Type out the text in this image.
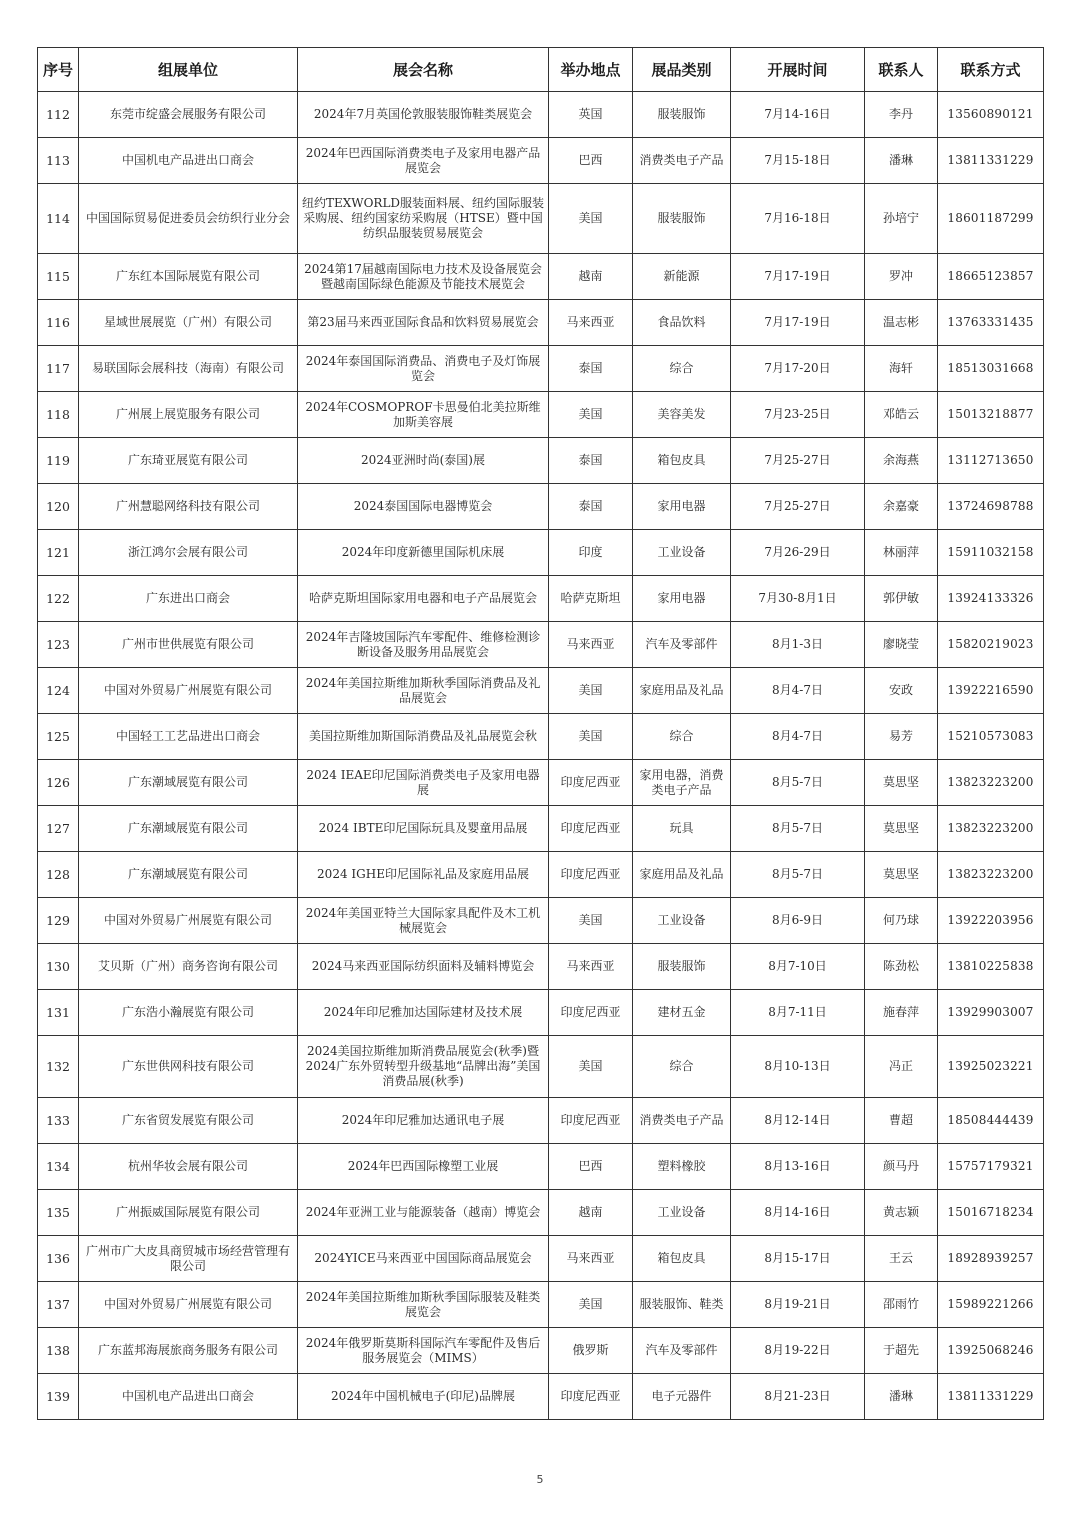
序号	组展单位	展会名称	举办地点	展品类别	开展时间	联系人	联系方式
112	东莞市绽盛会展服务有限公司	2024年7月英国伦敦服装服饰鞋类展览会	英国	服装服饰	7月14-16日	李丹	13560890121
113	中国机电产品进出口商会	2024年巴西国际消费类电子及家用电器产品展览会	巴西	消费类电子产品	7月15-18日	潘琳	13811331229
114	中国国际贸易促进委员会纺织行业分会	纽约TEXWORLD服装面料展、纽约国际服装采购展、纽约国家纺采购展（HTSE）暨中国纺织品服装贸易展览会	美国	服装服饰	7月16-18日	孙培宁	18601187299
115	广东红本国际展览有限公司	2024第17届越南国际电力技术及设备展览会暨越南国际绿色能源及节能技术展览会	越南	新能源	7月17-19日	罗冲	18665123857
116	星域世展展览（广州）有限公司	第23届马来西亚国际食品和饮料贸易展览会	马来西亚	食品饮料	7月17-19日	温志彬	13763331435
117	易联国际会展科技（海南）有限公司	2024年泰国国际消费品、消费电子及灯饰展览会	泰国	综合	7月17-20日	海轩	18513031668
118	广州展上展览服务有限公司	2024年COSMOPROF卡思曼伯北美拉斯维加斯美容展	美国	美容美发	7月23-25日	邓皓云	15013218877
119	广东琦亚展览有限公司	2024亚洲时尚(泰国)展	泰国	箱包皮具	7月25-27日	余海燕	13112713650
120	广州慧聪网络科技有限公司	2024泰国国际电器博览会	泰国	家用电器	7月25-27日	余嘉豪	13724698788
121	浙江鸿尔会展有限公司	2024年印度新德里国际机床展	印度	工业设备	7月26-29日	林丽萍	15911032158
122	广东进出口商会	哈萨克斯坦国际家用电器和电子产品展览会	哈萨克斯坦	家用电器	7月30-8月1日	郭伊敏	13924133326
123	广州市世供展览有限公司	2024年吉隆坡国际汽车零配件、维修检测诊断设备及服务用品展览会	马来西亚	汽车及零部件	8月1-3日	廖晓莹	15820219023
124	中国对外贸易广州展览有限公司	2024年美国拉斯维加斯秋季国际消费品及礼品展览会	美国	家庭用品及礼品	8月4-7日	安政	13922216590
125	中国轻工工艺品进出口商会	美国拉斯维加斯国际消费品及礼品展览会秋	美国	综合	8月4-7日	易芳	15210573083
126	广东潮域展览有限公司	2024 IEAE印尼国际消费类电子及家用电器展	印度尼西亚	家用电器，消费类电子产品	8月5-7日	莫思坚	13823223200
127	广东潮域展览有限公司	2024 IBTE印尼国际玩具及婴童用品展	印度尼西亚	玩具	8月5-7日	莫思坚	13823223200
128	广东潮域展览有限公司	2024 IGHE印尼国际礼品及家庭用品展	印度尼西亚	家庭用品及礼品	8月5-7日	莫思坚	13823223200
129	中国对外贸易广州展览有限公司	2024年美国亚特兰大国际家具配件及木工机械展览会	美国	工业设备	8月6-9日	何乃球	13922203956
130	艾贝斯（广州）商务咨询有限公司	2024马来西亚国际纺织面料及辅料博览会	马来西亚	服装服饰	8月7-10日	陈劲松	13810225838
131	广东浩小瀚展览有限公司	2024年印尼雅加达国际建材及技术展	印度尼西亚	建材五金	8月7-11日	施春萍	13929903007
132	广东世供网科技有限公司	2024美国拉斯维加斯消费品展览会(秋季)暨2024广东外贸转型升级基地“品牌出海”美国消费品展(秋季)	美国	综合	8月10-13日	冯正	13925023221
133	广东省贸发展览有限公司	2024年印尼雅加达通讯电子展	印度尼西亚	消费类电子产品	8月12-14日	曹超	18508444439
134	杭州华妆会展有限公司	2024年巴西国际橡塑工业展	巴西	塑料橡胶	8月13-16日	颜马丹	15757179321
135	广州振威国际展览有限公司	2024年亚洲工业与能源装备（越南）博览会	越南	工业设备	8月14-16日	黄志颖	15016718234
136	广州市广大皮具商贸城市场经营管理有限公司	2024YICE马来西亚中国国际商品展览会	马来西亚	箱包皮具	8月15-17日	王云	18928939257
137	中国对外贸易广州展览有限公司	2024年美国拉斯维加斯秋季国际服装及鞋类展览会	美国	服装服饰、鞋类	8月19-21日	邵雨竹	15989221266
138	广东蓝邦海展旅商务服务有限公司	2024年俄罗斯莫斯科国际汽车零配件及售后服务展览会（MIMS）	俄罗斯	汽车及零部件	8月19-22日	于超先	13925068246
139	中国机电产品进出口商会	2024年中国机械电子(印尼)品牌展	印度尼西亚	电子元器件	8月21-23日	潘琳	13811331229
5
